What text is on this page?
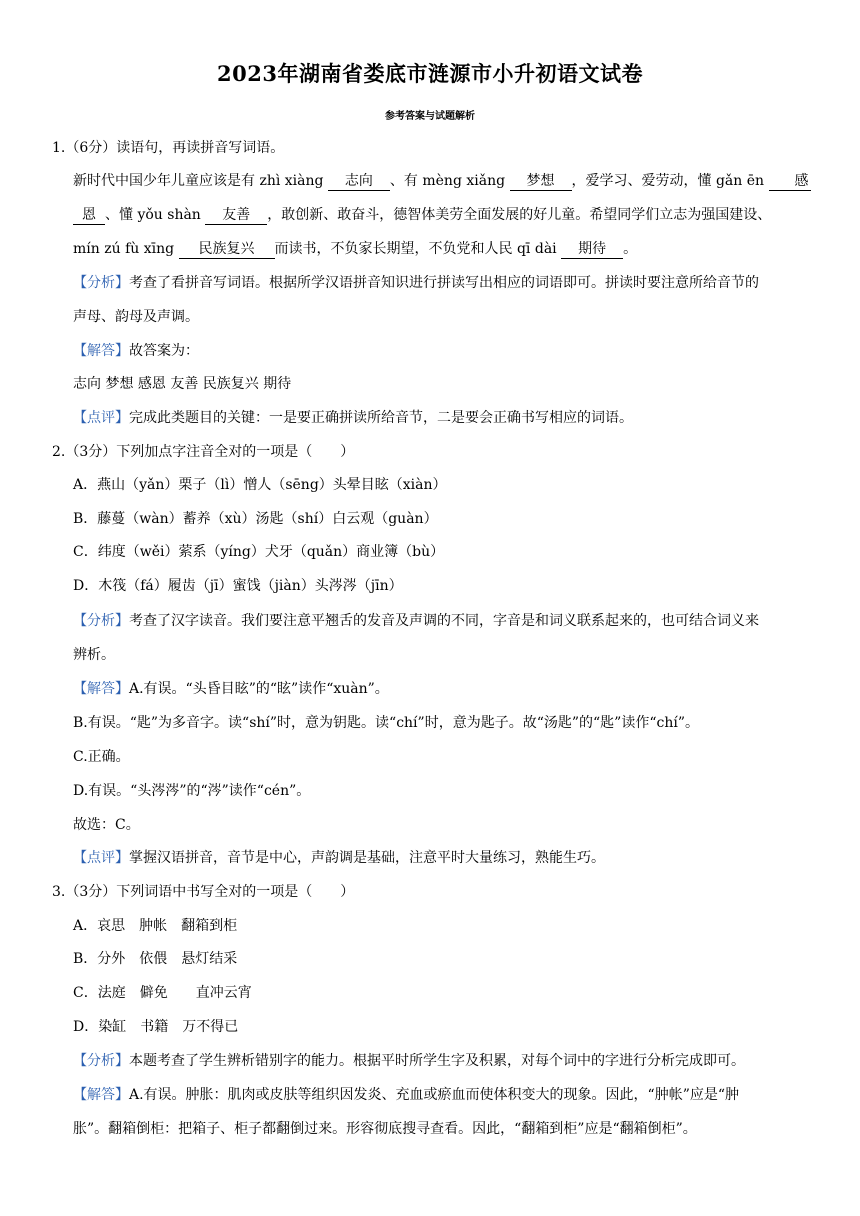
2023年湖南省娄底市涟源市小升初语文试卷
参考答案与试题解析
1.（6分）读语句，再读拼音写词语。
新时代中国少年儿童应该是有 zhì xiàng 志向 、有 mèng xiǎng 梦想 ，爱学习、爱劳动，懂 gǎn ēn 感
恩 、懂 yǒu shàn 友善 ，敢创新、敢奋斗，德智体美劳全面发展的好儿童。希望同学们立志为强国建设、
mín zú fù xīng 民族复兴 而读书，不负家长期望，不负党和人民 qī dài 期待 。
【分析】考查了看拼音写词语。根据所学汉语拼音知识进行拼读写出相应的词语即可。拼读时要注意所给音节的
声母、韵母及声调。
【解答】故答案为：
志向 梦想 感恩 友善 民族复兴 期待
【点评】完成此类题目的关键：一是要正确拼读所给音节，二是要会正确书写相应的词语。
2.（3分）下列加点字注音全对的一项是（　　）
A．燕山（yǎn）栗子（lì）憎人（sēng）头晕目眩（xiàn）
B．藤蔓（wàn）蓄养（xù）汤匙（shí）白云观（guàn）
C．纬度（wěi）萦系（yíng）犬牙（quǎn）商业簿（bù）
D．木筏（fá）履齿（jī）蜜饯（jiàn）头涔涔（jīn）
【分析】考查了汉字读音。我们要注意平翘舌的发音及声调的不同，字音是和词义联系起来的，也可结合词义来
辨析。
【解答】A.有误。“头昏目眩”的“眩”读作“xuàn”。
B.有误。“匙”为多音字。读“shí”时，意为钥匙。读“chí”时，意为匙子。故“汤匙”的“匙”读作“chí”。
C.正确。
D.有误。“头涔涔”的“涔”读作“cén”。
故选：C。
【点评】掌握汉语拼音，音节是中心，声韵调是基础，注意平时大量练习，熟能生巧。
3.（3分）下列词语中书写全对的一项是（　　）
A．哀思　肿帐　翻箱到柜
B．分外　依偎　悬灯结采
C．法庭　僻免　　直冲云宵
D．染缸　书籍　万不得已
【分析】本题考查了学生辨析错别字的能力。根据平时所学生字及积累，对每个词中的字进行分析完成即可。
【解答】A.有误。肿胀：肌肉或皮肤等组织因发炎、充血或瘀血而使体积变大的现象。因此，“肿帐”应是“肿
胀”。翻箱倒柜：把箱子、柜子都翻倒过来。形容彻底搜寻查看。因此，“翻箱到柜”应是“翻箱倒柜”。
